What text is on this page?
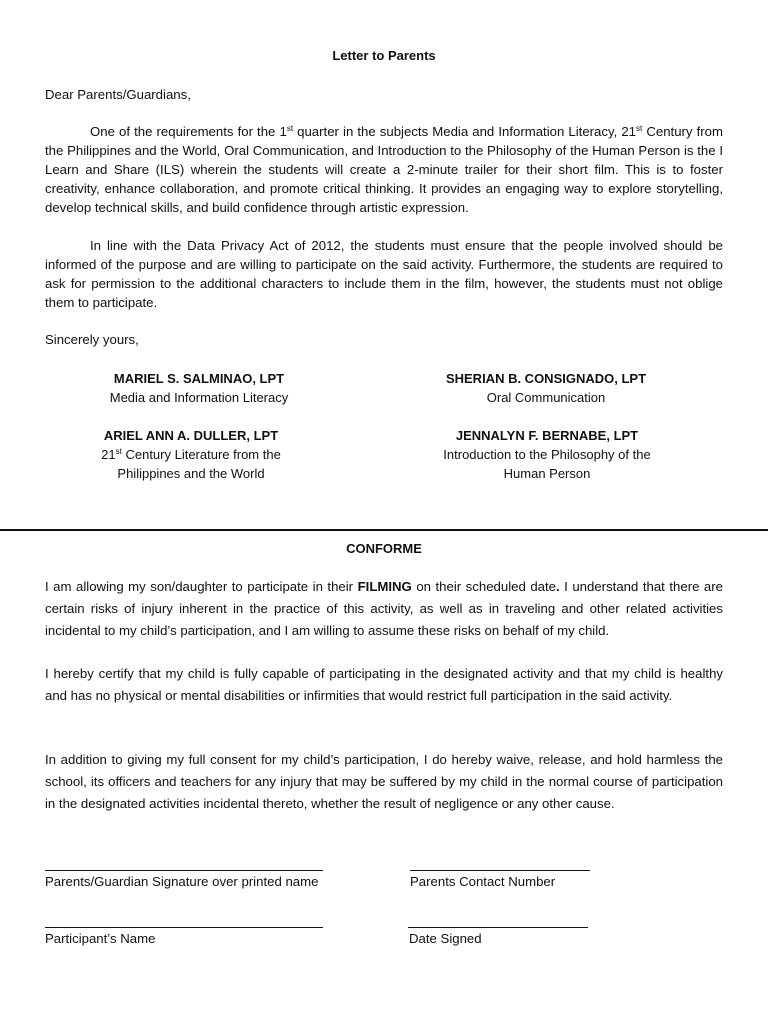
Letter to Parents
Dear Parents/Guardians,
One of the requirements for the 1st quarter in the subjects Media and Information Literacy, 21st Century from the Philippines and the World, Oral Communication, and Introduction to the Philosophy of the Human Person is the I Learn and Share (ILS) wherein the students will create a 2-minute trailer for their short film. This is to foster creativity, enhance collaboration, and promote critical thinking. It provides an engaging way to explore storytelling, develop technical skills, and build confidence through artistic expression.
In line with the Data Privacy Act of 2012, the students must ensure that the people involved should be informed of the purpose and are willing to participate on the said activity. Furthermore, the students are required to ask for permission to the additional characters to include them in the film, however, the students must not oblige them to participate.
Sincerely yours,
MARIEL S. SALMINAO, LPT
Media and Information Literacy
SHERIAN B. CONSIGNADO, LPT
Oral Communication
ARIEL ANN A. DULLER, LPT
21st Century Literature from the
Philippines and the World
JENNALYN F. BERNABE, LPT
Introduction to the Philosophy of the
Human Person
CONFORME
I am allowing my son/daughter to participate in their FILMING on their scheduled date. I understand that there are certain risks of injury inherent in the practice of this activity, as well as in traveling and other related activities incidental to my child’s participation, and I am willing to assume these risks on behalf of my child.
I hereby certify that my child is fully capable of participating in the designated activity and that my child is healthy and has no physical or mental disabilities or infirmities that would restrict full participation in the said activity.
In addition to giving my full consent for my child’s participation, I do hereby waive, release, and hold harmless the school, its officers and teachers for any injury that may be suffered by my child in the normal course of participation in the designated activities incidental thereto, whether the result of negligence or any other cause.
Parents/Guardian Signature over printed name	Parents Contact Number
Participant’s Name	Date Signed
